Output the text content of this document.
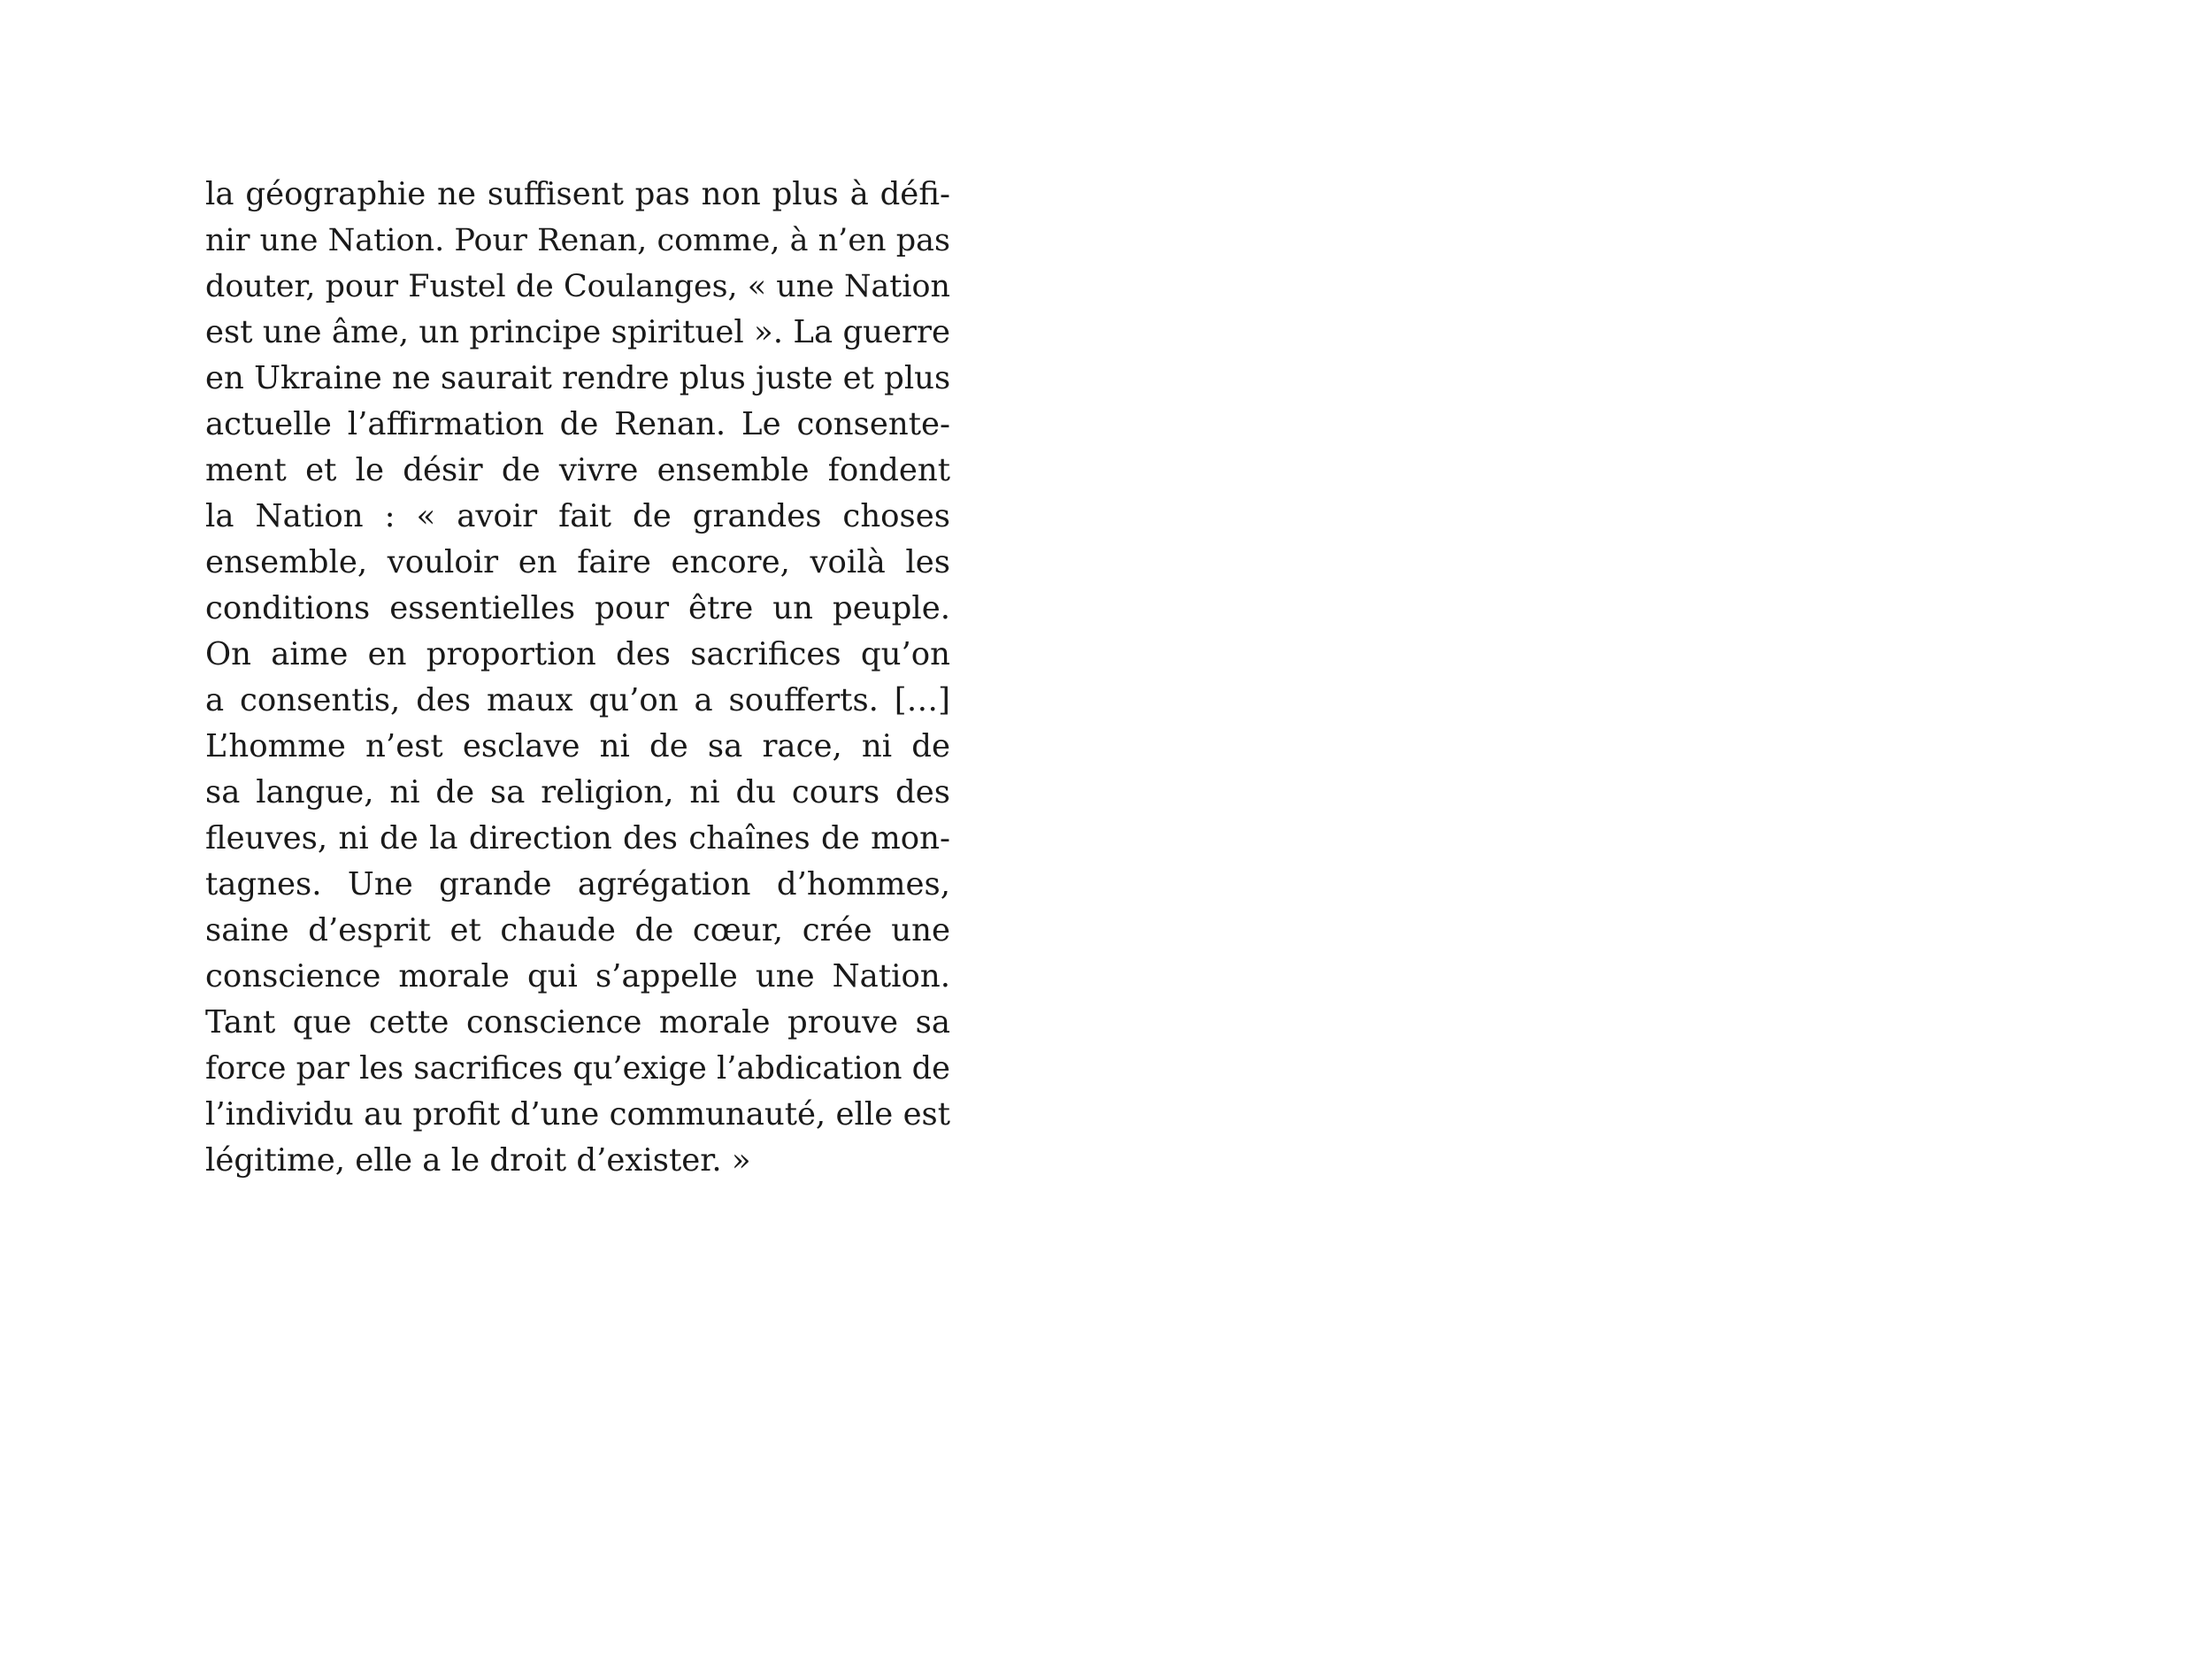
la géographie ne suffisent pas non plus à défi-
nir une Nation. Pour Renan, comme, à n’en pas
douter, pour Fustel de Coulanges, « une Nation
est une âme, un principe spirituel ». La guerre
en Ukraine ne saurait rendre plus juste et plus
actuelle l’affirmation de Renan. Le consente-
ment et le désir de vivre ensemble fondent
la Nation : « avoir fait de grandes choses
ensemble, vouloir en faire encore, voilà les
conditions essentielles pour être un peuple.
On aime en proportion des sacrifices qu’on
a consentis, des maux qu’on a soufferts. […]
L’homme n’est esclave ni de sa race, ni de
sa langue, ni de sa religion, ni du cours des
fleuves, ni de la direction des chaînes de mon-
tagnes. Une grande agrégation d’hommes,
saine d’esprit et chaude de cœur, crée une
conscience morale qui s’appelle une Nation.
Tant que cette conscience morale prouve sa
force par les sacrifices qu’exige l’abdication de
l’individu au profit d’une communauté, elle est
légitime, elle a le droit d’exister. »
